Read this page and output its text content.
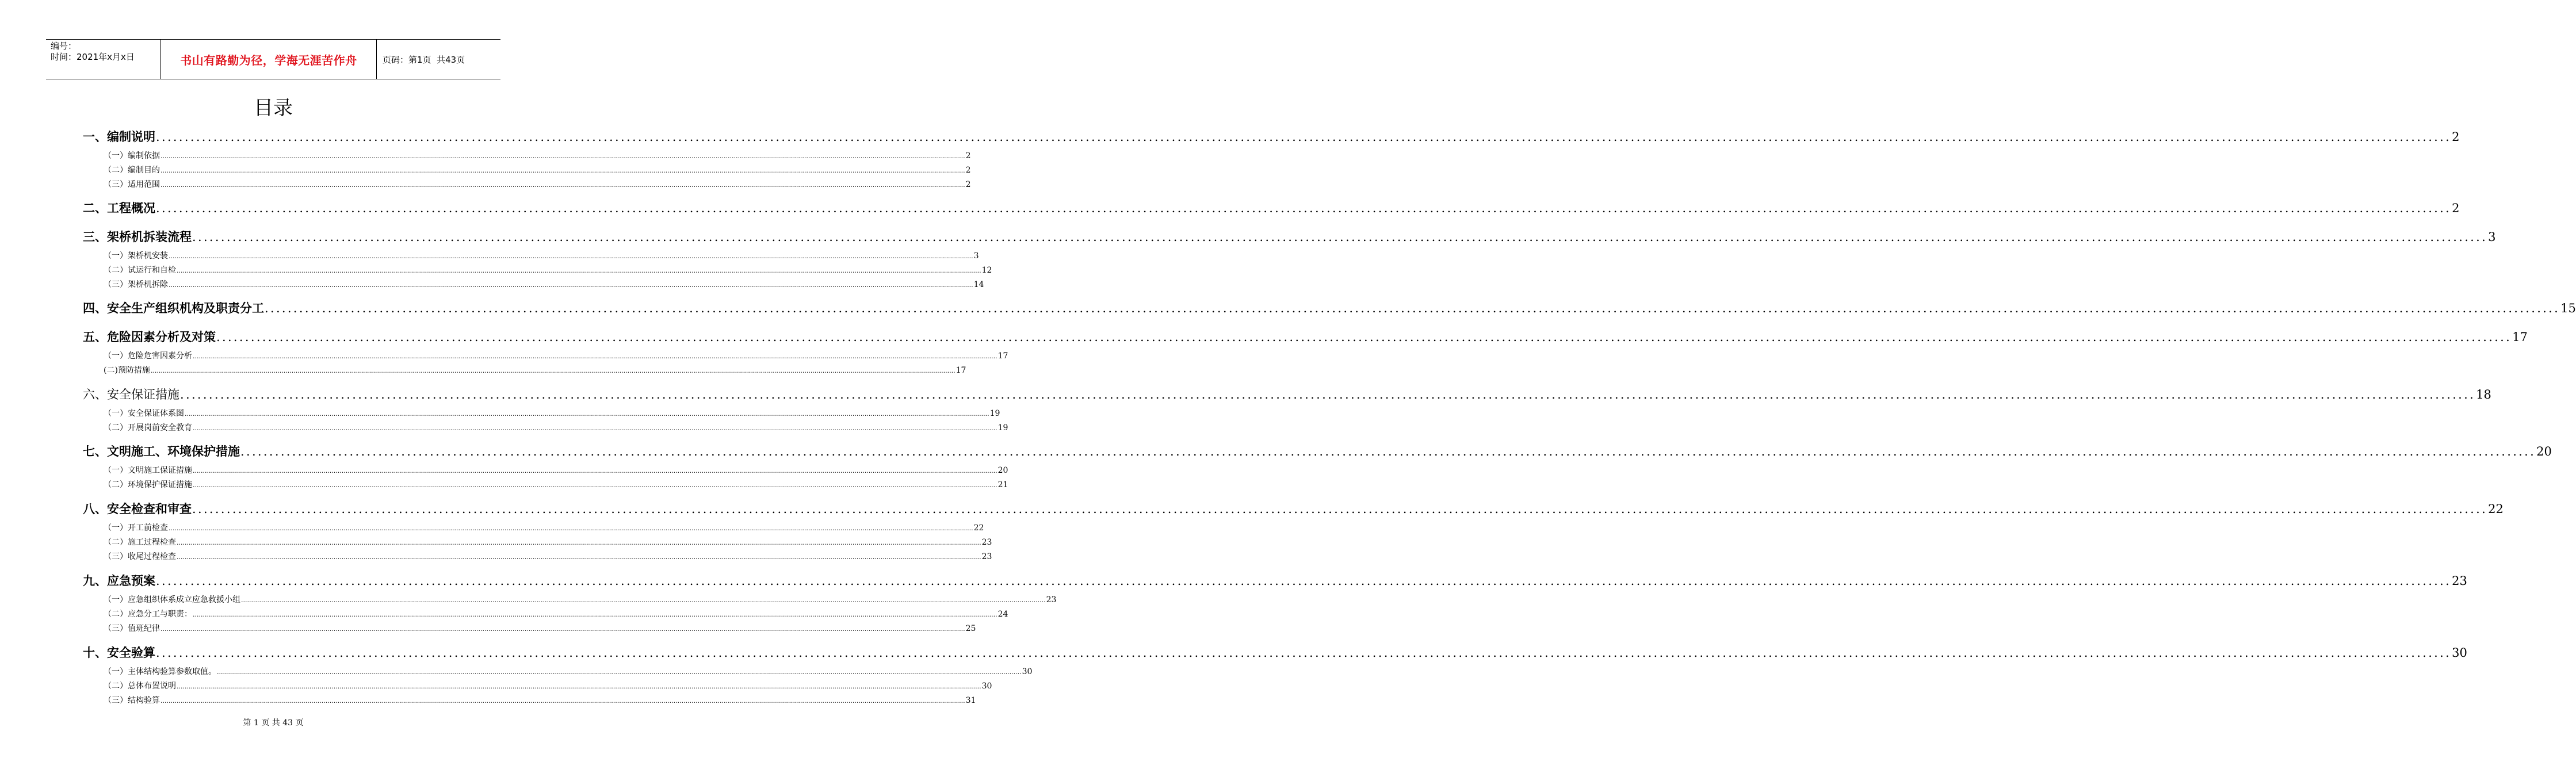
编号：
时间：2021年x月x日	书山有路勤为径，学海无涯苦作舟	页码：第1页  共43页
目录
一、编制说明 ................................................................................................................................................................................................................................................................................................................................................................................................................ 2
（一）编制依据 ................................................................................................................................................................................................................................................................................................................................................................................................................ 2
（二）编制目的 ................................................................................................................................................................................................................................................................................................................................................................................................................ 2
（三）适用范围 ................................................................................................................................................................................................................................................................................................................................................................................................................ 2
二、工程概况 ................................................................................................................................................................................................................................................................................................................................................................................................................ 2
三、架桥机拆装流程 ................................................................................................................................................................................................................................................................................................................................................................................................................ 3
（一）架桥机安装 ................................................................................................................................................................................................................................................................................................................................................................................................................ 3
（二）试运行和自检 ................................................................................................................................................................................................................................................................................................................................................................................................................ 12
（三）架桥机拆除 ................................................................................................................................................................................................................................................................................................................................................................................................................ 14
四、安全生产组织机构及职责分工 ................................................................................................................................................................................................................................................................................................................................................................................................................ 15
五、危险因素分析及对策 ................................................................................................................................................................................................................................................................................................................................................................................................................ 17
（一）危险危害因素分析 ................................................................................................................................................................................................................................................................................................................................................................................................................ 17
(二)预防措施 ................................................................................................................................................................................................................................................................................................................................................................................................................ 17
六、安全保证措施 ................................................................................................................................................................................................................................................................................................................................................................................................................ 18
（一）安全保证体系图 ................................................................................................................................................................................................................................................................................................................................................................................................................ 19
（二）开展岗前安全教育 ................................................................................................................................................................................................................................................................................................................................................................................................................ 19
七、文明施工、环境保护措施 ................................................................................................................................................................................................................................................................................................................................................................................................................ 20
（一）文明施工保证措施 ................................................................................................................................................................................................................................................................................................................................................................................................................ 20
（二）环境保护保证措施 ................................................................................................................................................................................................................................................................................................................................................................................................................ 21
八、安全检查和审查 ................................................................................................................................................................................................................................................................................................................................................................................................................ 22
（一）开工前检查 ................................................................................................................................................................................................................................................................................................................................................................................................................ 22
（二）施工过程检查 ................................................................................................................................................................................................................................................................................................................................................................................................................ 23
（三）收尾过程检查 ................................................................................................................................................................................................................................................................................................................................................................................................................ 23
九、应急预案 ................................................................................................................................................................................................................................................................................................................................................................................................................ 23
（一）应急组织体系成立应急救援小组 ................................................................................................................................................................................................................................................................................................................................................................................................................ 23
（二）应急分工与职责： ................................................................................................................................................................................................................................................................................................................................................................................................................ 24
（三）值班纪律 ................................................................................................................................................................................................................................................................................................................................................................................................................ 25
十、安全验算 ................................................................................................................................................................................................................................................................................................................................................................................................................ 30
（一）主体结构验算参数取值。 ................................................................................................................................................................................................................................................................................................................................................................................................................ 30
（二）总体布置说明 ................................................................................................................................................................................................................................................................................................................................................................................................................ 30
（三）结构验算 ................................................................................................................................................................................................................................................................................................................................................................................................................ 31
第 1 页 共 43 页
